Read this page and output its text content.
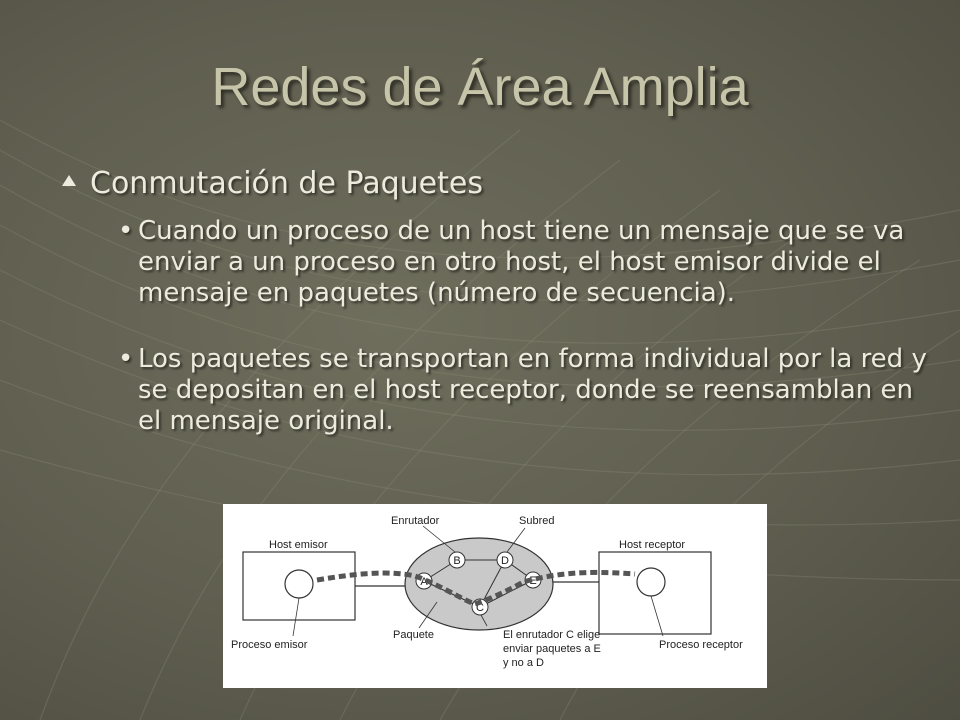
Redes de Área Amplia
Conmutación de Paquetes
• Cuando un proceso de un host tiene un mensaje que se va enviar a un proceso en otro host, el host emisor divide el mensaje en paquetes (número de secuencia).
• Los paquetes se transportan en forma individual por la red y se depositan en el host receptor, donde se reensamblan en el mensaje original.
A
B
C
D
E
Enrutador	Subred
Host emisor	Host receptor
Proceso emisor
Paquete	El enrutador C elige
enviar paquetes a E
y no a D
Proceso receptor
